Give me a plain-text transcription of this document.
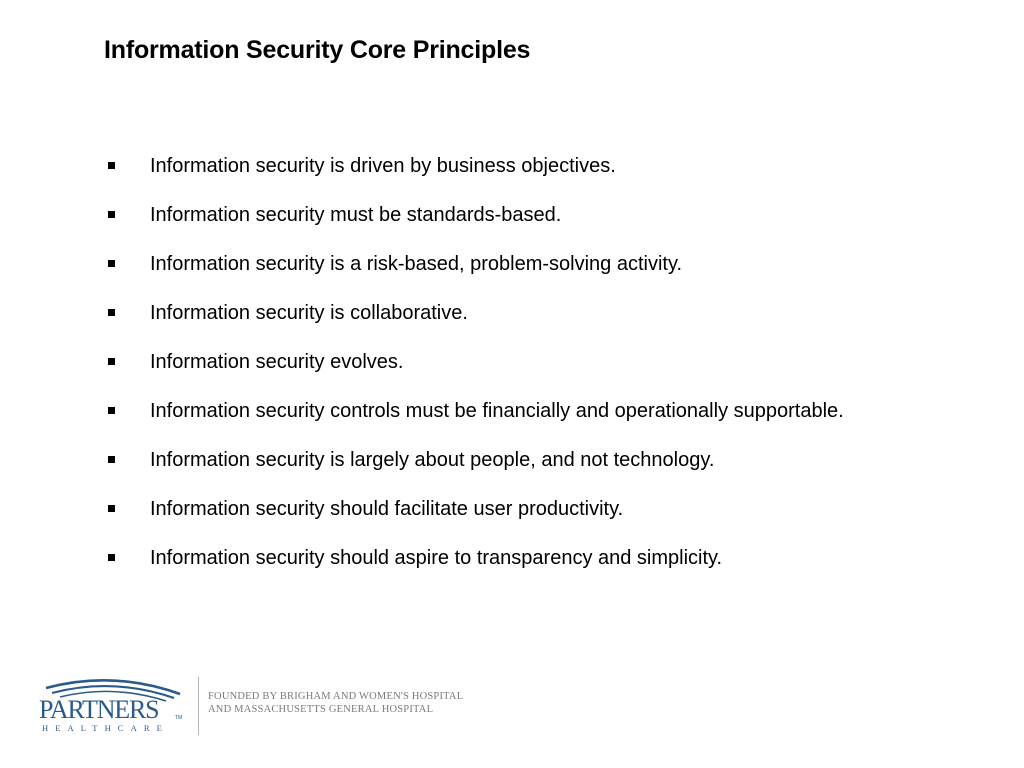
Information Security Core Principles
Information security is driven by business objectives.
Information security must be standards-based.
Information security is a risk-based, problem-solving activity.
Information security is collaborative.
Information security evolves.
Information security controls must be financially and operationally supportable.
Information security is largely about people, and not technology.
Information security should facilitate user productivity.
Information security should aspire to transparency and simplicity.
PARTNERS	TM
HEALTHCARE
FOUNDED BY BRIGHAM AND WOMEN'S HOSPITAL
AND MASSACHUSETTS GENERAL HOSPITAL
